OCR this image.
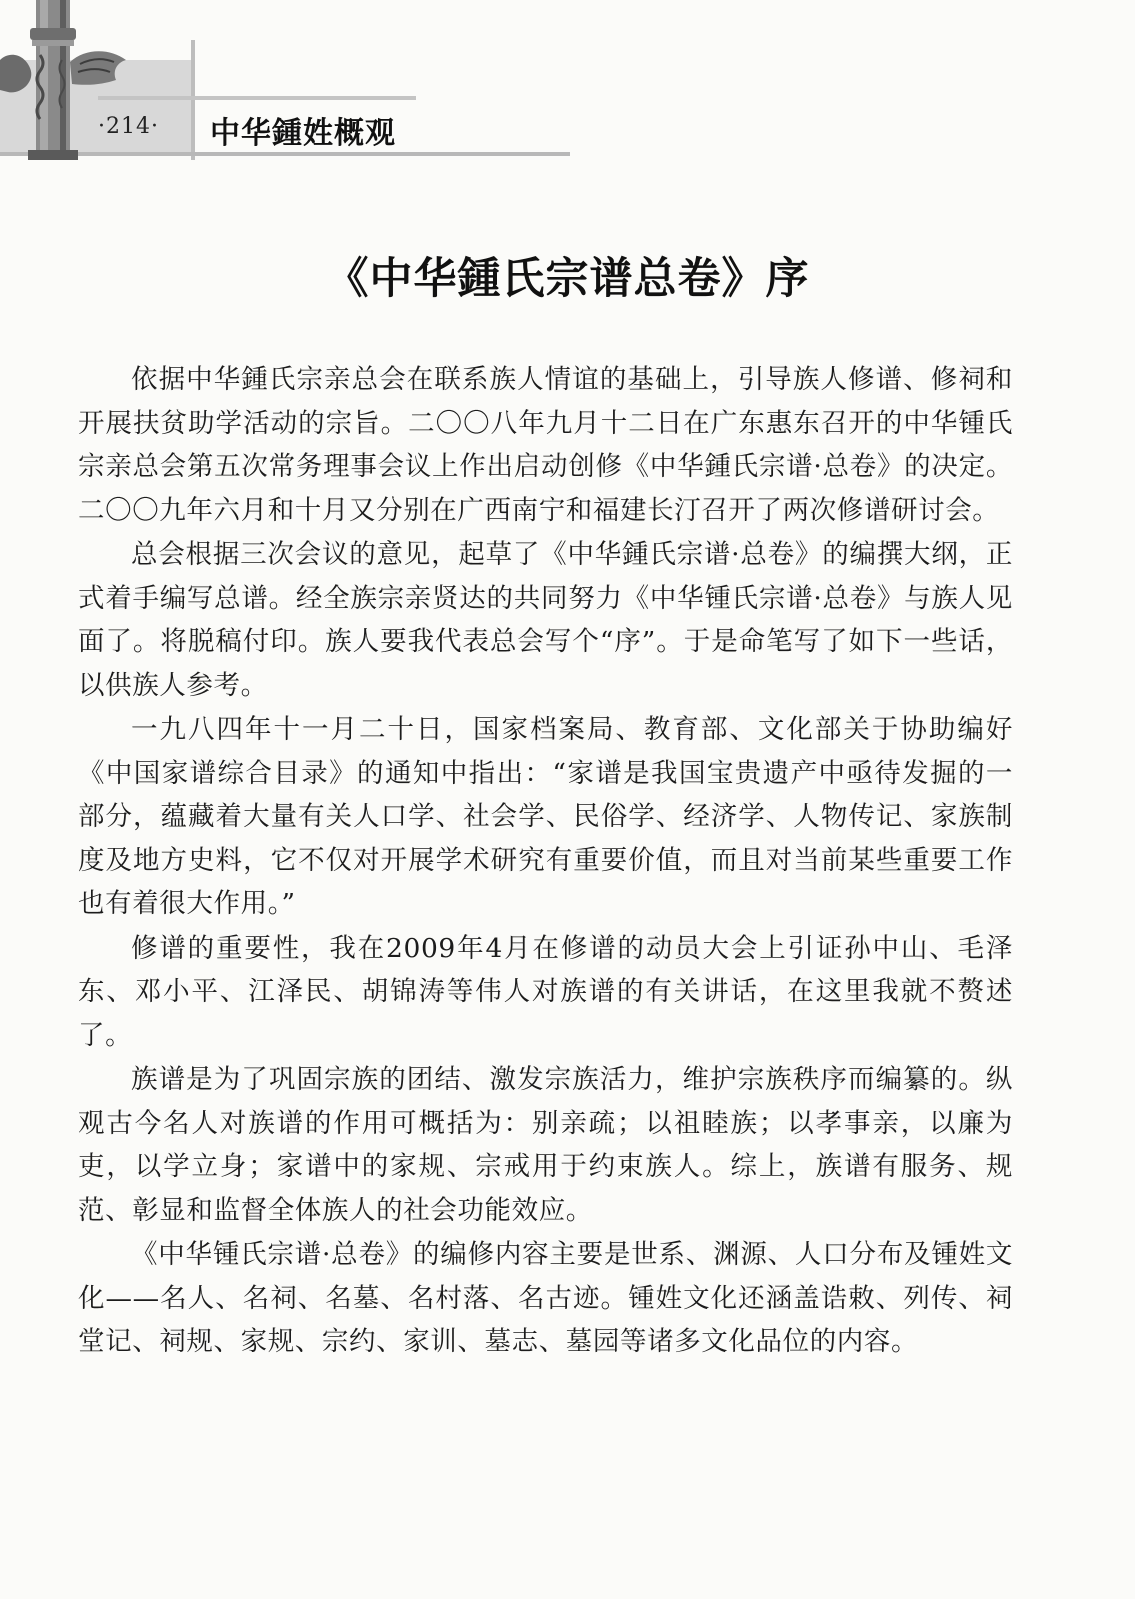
·214· 中华鍾姓概观
《中华鍾氏宗谱总卷》序

依据中华鍾氏宗亲总会在联系族人情谊的基础上，引导族人修谱、修祠和开展扶贫助学活动的宗旨。二〇〇八年九月十二日在广东惠东召开的中华锺氏宗亲总会第五次常务理事会议上作出启动创修《中华鍾氏宗谱·总卷》的决定。二〇〇九年六月和十月又分别在广西南宁和福建长汀召开了两次修谱研讨会。

总会根据三次会议的意见，起草了《中华鍾氏宗谱·总卷》的编撰大纲，正式着手编写总谱。经全族宗亲贤达的共同努力《中华锺氏宗谱·总卷》与族人见面了。将脱稿付印。族人要我代表总会写个“序”。于是命笔写了如下一些话，以供族人参考。

一九八四年十一月二十日，国家档案局、教育部、文化部关于协助编好《中国家谱综合目录》的通知中指出：“家谱是我国宝贵遗产中亟待发掘的一部分，蕴藏着大量有关人口学、社会学、民俗学、经济学、人物传记、家族制度及地方史料，它不仅对开展学术研究有重要价值，而且对当前某些重要工作也有着很大作用。”

修谱的重要性，我在2009年4月在修谱的动员大会上引证孙中山、毛泽东、邓小平、江泽民、胡锦涛等伟人对族谱的有关讲话，在这里我就不赘述了。

族谱是为了巩固宗族的团结、激发宗族活力，维护宗族秩序而编纂的。纵观古今名人对族谱的作用可概括为：别亲疏；以祖睦族；以孝事亲，以廉为吏，以学立身；家谱中的家规、宗戒用于约束族人。综上，族谱有服务、规范、彰显和监督全体族人的社会功能效应。

《中华锺氏宗谱·总卷》的编修内容主要是世系、渊源、人口分布及锺姓文化——名人、名祠、名墓、名村落、名古迹。锺姓文化还涵盖诰敕、列传、祠堂记、祠规、家规、宗约、家训、墓志、墓园等诸多文化品位的内容。
